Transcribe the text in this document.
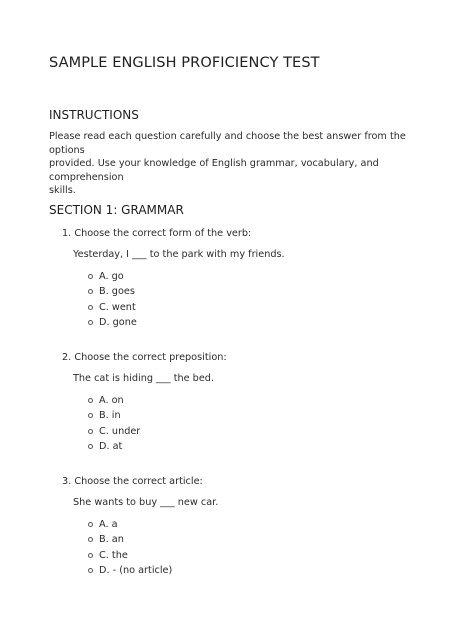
SAMPLE ENGLISH PROFICIENCY TEST
INSTRUCTIONS
Please read each question carefully and choose the best answer from the options
provided. Use your knowledge of English grammar, vocabulary, and comprehension
skills.
SECTION 1: GRAMMAR
1. Choose the correct form of the verb:
Yesterday, I ___ to the park with my friends.
A. go
B. goes
C. went
D. gone
2. Choose the correct preposition:
The cat is hiding ___ the bed.
A. on
B. in
C. under
D. at
3. Choose the correct article:
She wants to buy ___ new car.
A. a
B. an
C. the
D. - (no article)
